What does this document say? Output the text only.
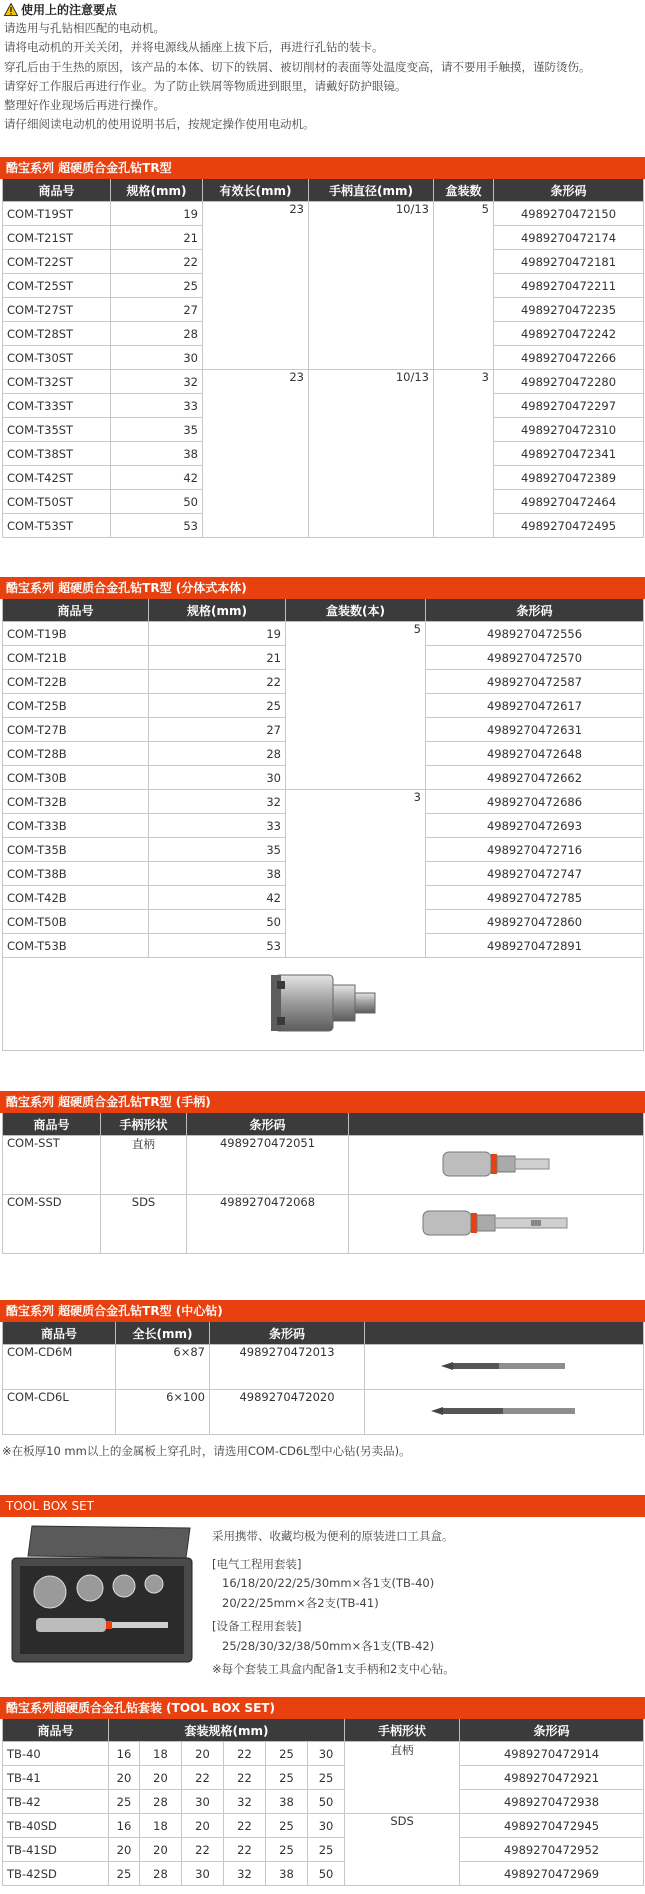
使用上的注意要点
请选用与孔钻相匹配的电动机。
请将电动机的开关关闭，并将电源线从插座上拔下后，再进行孔钻的装卡。
穿孔后由于生热的原因，该产品的本体、切下的铁屑、被切削材的表面等处温度变高，请不要用手触摸，谨防烫伤。
请穿好工作服后再进行作业。为了防止铁屑等物质进到眼里，请戴好防护眼镜。
整理好作业现场后再进行操作。
请仔细阅读电动机的使用说明书后，按规定操作使用电动机。
酷宝系列 超硬质合金孔钻TR型
商品号	规格(mm)	有效长(mm)	手柄直径(mm)	盒装数	条形码
COM-T19ST	19	23	10/13	5	4989270472150
COM-T21ST	21				4989270472174
COM-T22ST	22				4989270472181
COM-T25ST	25				4989270472211
COM-T27ST	27				4989270472235
COM-T28ST	28				4989270472242
COM-T30ST	30				4989270472266
COM-T32ST	32	23	10/13	3	4989270472280
COM-T33ST	33				4989270472297
COM-T35ST	35				4989270472310
COM-T38ST	38				4989270472341
COM-T42ST	42				4989270472389
COM-T50ST	50				4989270472464
COM-T53ST	53				4989270472495
酷宝系列 超硬质合金孔钻TR型 (分体式本体)
商品号	规格(mm)	盒装数(本)	条形码
COM-T19B	19	5	4989270472556
COM-T21B	21		4989270472570
COM-T22B	22		4989270472587
COM-T25B	25		4989270472617
COM-T27B	27		4989270472631
COM-T28B	28		4989270472648
COM-T30B	30		4989270472662
COM-T32B	32	3	4989270472686
COM-T33B	33		4989270472693
COM-T35B	35		4989270472716
COM-T38B	38		4989270472747
COM-T42B	42		4989270472785
COM-T50B	50		4989270472860
COM-T53B	53		4989270472891

酷宝系列 超硬质合金孔钻TR型 (手柄)
商品号	手柄形状	条形码	
COM-SST	直柄	4989270472051	
COM-SSD	SDS	4989270472068	
酷宝系列 超硬质合金孔钻TR型 (中心钻)
商品号	全长(mm)	条形码	
COM-CD6M	6×87	4989270472013	
COM-CD6L	6×100	4989270472020	
※在板厚10 mm以上的金属板上穿孔时，请选用COM-CD6L型中心钻(另卖品)。
TOOL BOX SET
采用携带、收藏均极为便利的原装进口工具盒。
[电气工程用套装]
16/18/20/22/25/30mm×各1支(TB-40)
20/22/25mm×各2支(TB-41)
[设备工程用套装]
25/28/30/32/38/50mm×各1支(TB-42)
※每个套装工具盒内配备1支手柄和2支中心钻。
酷宝系列超硬质合金孔钻套装 (TOOL BOX SET)
商品号	套装规格(mm)						手柄形状	条形码
TB-40	16	18	20	22	25	30	直柄	4989270472914
TB-41	20	20	22	22	25	25		4989270472921
TB-42	25	28	30	32	38	50		4989270472938
TB-40SD	16	18	20	22	25	30	SDS	4989270472945
TB-41SD	20	20	22	22	25	25		4989270472952
TB-42SD	25	28	30	32	38	50		4989270472969
